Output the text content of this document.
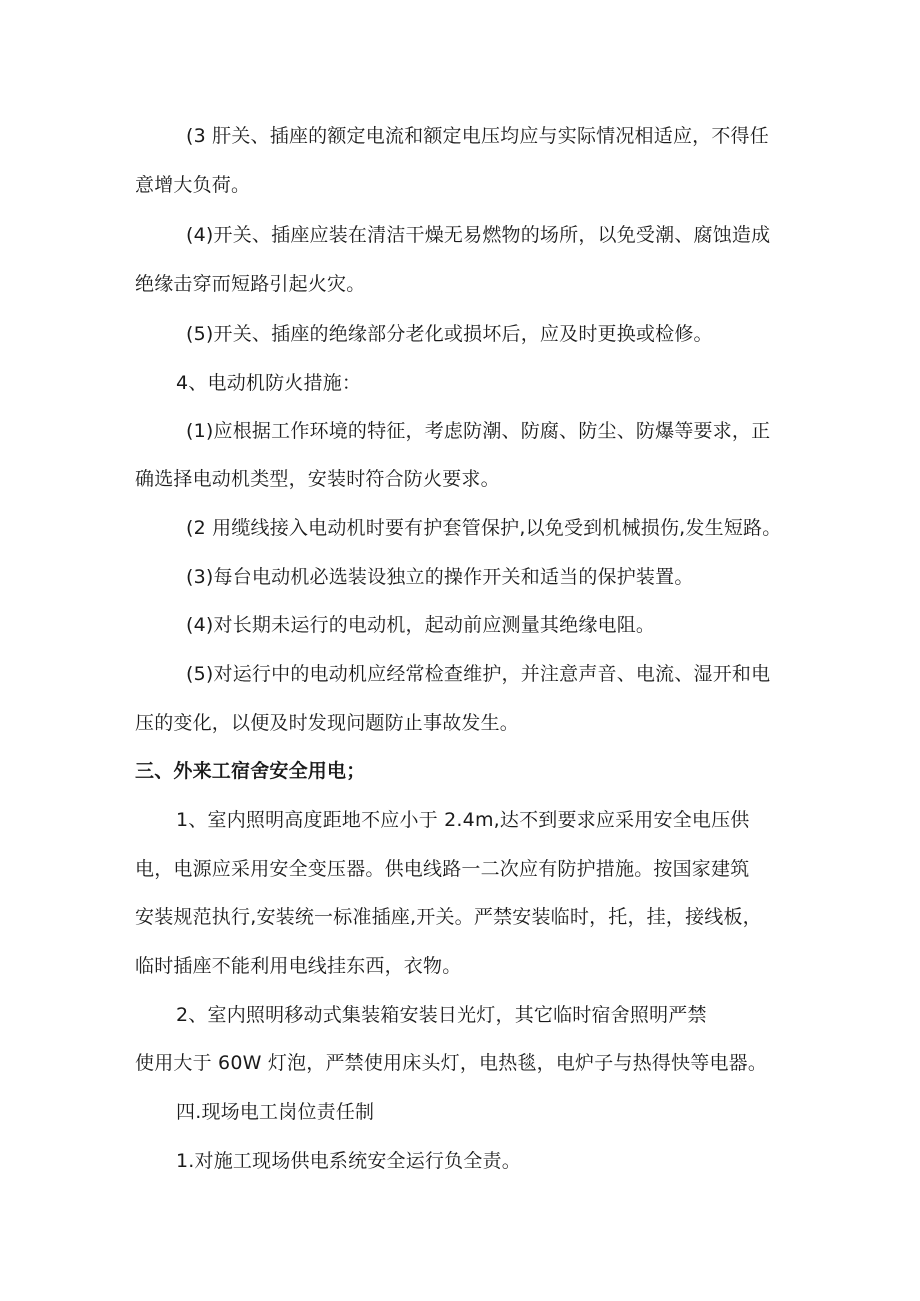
(3 肝关、插座的额定电流和额定电压均应与实际情况相适应，不得任

意增大负荷。

(4)开关、插座应装在清洁干燥无易燃物的场所，以免受潮、腐蚀造成

绝缘击穿而短路引起火灾。

(5)开关、插座的绝缘部分老化或损坏后，应及时更换或检修。

4、电动机防火措施：

(1)应根据工作环境的特征，考虑防潮、防腐、防尘、防爆等要求，正

确选择电动机类型，安装时符合防火要求。

(2 用缆线接入电动机时要有护套管保护,以免受到机械损伤,发生短路。

(3)每台电动机必选装设独立的操作开关和适当的保护装置。

(4)对长期未运行的电动机，起动前应测量其绝缘电阻。

(5)对运行中的电动机应经常检查维护，并注意声音、电流、湿开和电

压的变化，以便及时发现问题防止事故发生。

三、外来工宿舍安全用电；

1、室内照明高度距地不应小于 2.4m,达不到要求应采用安全电压供

电，电源应采用安全变压器。供电线路一二次应有防护措施。按国家建筑

安装规范执行,安装统一标准插座,开关。严禁安装临时，托，挂，接线板，

临时插座不能利用电线挂东西，衣物。

2、室内照明移动式集装箱安装日光灯，其它临时宿舍照明严禁

使用大于 60W 灯泡，严禁使用床头灯，电热毯，电炉子与热得快等电器。

四.现场电工岗位责任制

1.对施工现场供电系统安全运行负全责。
